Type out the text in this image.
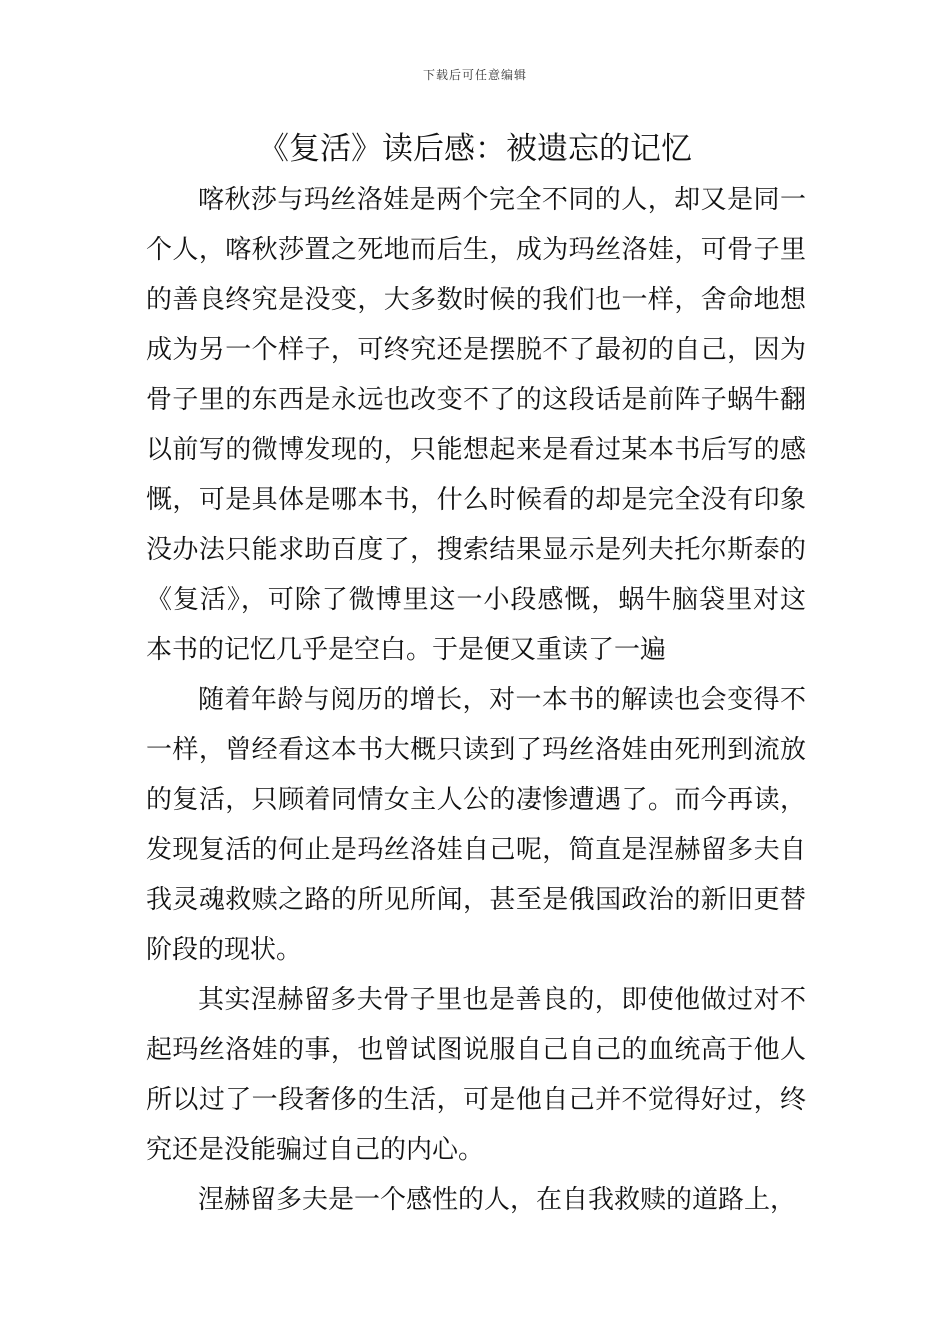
下载后可任意编辑
《复活》读后感：被遗忘的记忆

喀秋莎与玛丝洛娃是两个完全不同的人，却又是同一个人，喀秋莎置之死地而后生，成为玛丝洛娃，可骨子里的善良终究是没变，大多数时候的我们也一样，舍命地想成为另一个样子，可终究还是摆脱不了最初的自己，因为骨子里的东西是永远也改变不了的这段话是前阵子蜗牛翻以前写的微博发现的，只能想起来是看过某本书后写的感慨，可是具体是哪本书，什么时候看的却是完全没有印象没办法只能求助百度了，搜索结果显示是列夫托尔斯泰的《复活》，可除了微博里这一小段感慨，蜗牛脑袋里对这本书的记忆几乎是空白。于是便又重读了一遍

随着年龄与阅历的增长，对一本书的解读也会变得不一样，曾经看这本书大概只读到了玛丝洛娃由死刑到流放的复活，只顾着同情女主人公的凄惨遭遇了。而今再读，发现复活的何止是玛丝洛娃自己呢，简直是涅赫留多夫自我灵魂救赎之路的所见所闻，甚至是俄国政治的新旧更替阶段的现状。

其实涅赫留多夫骨子里也是善良的，即使他做过对不起玛丝洛娃的事，也曾试图说服自己自己的血统高于他人所以过了一段奢侈的生活，可是他自己并不觉得好过，终究还是没能骗过自己的内心。

涅赫留多夫是一个感性的人，在自我救赎的道路上，
